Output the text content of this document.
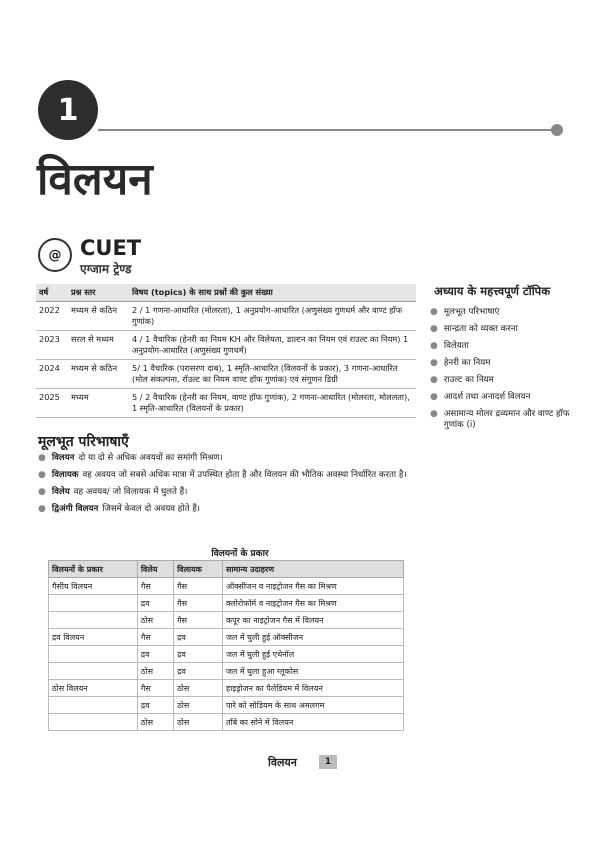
1
विलयन
@ CUET
एग्जाम ट्रेण्ड
वर्ष	प्रश्न स्तर	विषय (topics) के साथ प्रश्नों की कुल संख्या
2022	मध्यम से कठिन	2 / 1 गणना-आधारित (मोलरता), 1 अनुप्रयोग-आधारित (अणुसंख्य गुणधर्म और वाण्ट हॉफ गुणांक)
2023	सरल से मध्यम	4 / 1 वैचारिक (हेनरी का नियम KH और विलेयता, डाल्टन का नियम एवं राउल्ट का नियम) 1 अनुप्रयोग-आधारित (अणुसंख्य गुणधर्म)
2024	मध्यम से कठिन	5/ 1 वैचारिक (परासरण दाब), 1 स्मृति-आधारित (विलयनों के प्रकार), 3 गणना-आधारित (मोल संकल्पना, रॉउल्ट का नियम वाण्ट हॉफ गुणांक) एवं संगुणन डिग्री
2025	मध्यम	5 / 2 वैचारिक (हेनरी का नियम, वाण्ट हॉफ गुणांक), 2 गणना-आधारित (मोलरता, मोललता), 1 स्मृति-आधारित (विलयनों के प्रकार)
अध्याय के महत्त्वपूर्ण टॉपिक
● मूलभूत परिभाषाएं
● सान्द्रता को व्यक्त करना
● विलेयता
● हेनरी का नियम
● राउल्ट का नियम
● आदर्श तथा अनादर्श विलयन
● असामान्य मोलर द्रव्यमान और वाण्ट हॉफ गुणांक (i)
मूलभूत परिभाषाएँ
● विलयन दो या दो से अधिक अवयवों का समांगी मिश्रण।
● विलायक वह अवयव जो सबसे अधिक मात्रा में उपस्थित होता है और विलयन की भौतिक अवस्था निर्धारित करता है।
● विलेय वह अवयव/ जो विलायक में घुलते हैं।
● द्विअंगी विलयन जिसमें केवल दो अवयव होते हैं।
विलयनों के प्रकार
विलयनों के प्रकार	विलेय	विलायक	सामान्य उदाहरण
गैसीय विलयन	गैस	गैस	ऑक्सीजन व नाइट्रोजन गैस का मिश्रण
	द्रव	गैस	क्लोरोफॉर्म व नाइट्रोजन गैस का मिश्रण
	ठोस	गैस	कपूर का नाइट्रोजन गैस में विलयन
द्रव विलयन	गैस	द्रव	जल में घुली हुई ऑक्सीजन
	द्रव	द्रव	जल में घुली हुई एथेनॉल
	ठोस	द्रव	जल में घुला हुआ ग्लूकोस
ठोस विलयन	गैस	ठोस	हाइड्रोजन का पैलेडियम में विलयन
	द्रव	ठोस	पारे को सोडियम के साथ अमलगम
	ठोस	ठोस	ताँबे का सोने में विलयन
विलयन	1
